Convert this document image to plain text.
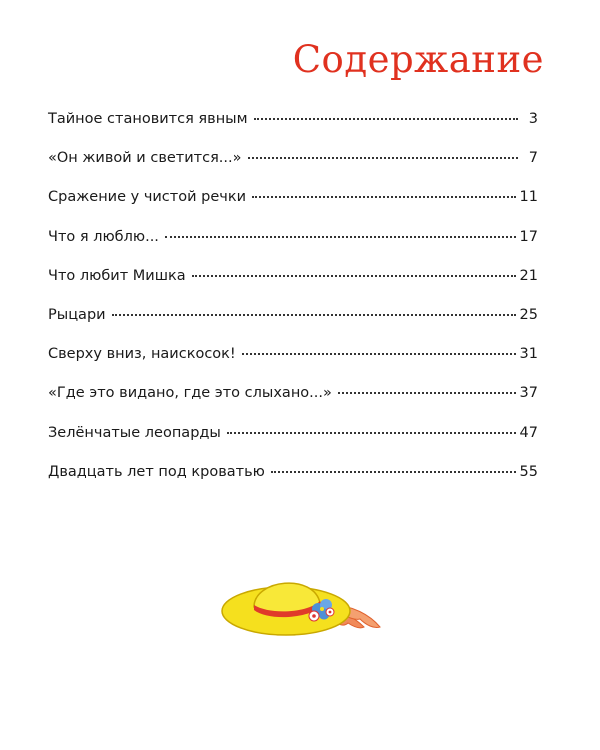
Содержание
Тайное становится явным	3
«Он живой и светится...»	7
Сражение у чистой речки	11
Что я люблю...	17
Что любит Мишка	21
Рыцари	25
Сверху вниз, наискосок!	31
«Где это видано, где это слыхано...»	37
Зелёнчатые леопарды	47
Двадцать лет под кроватью	55
